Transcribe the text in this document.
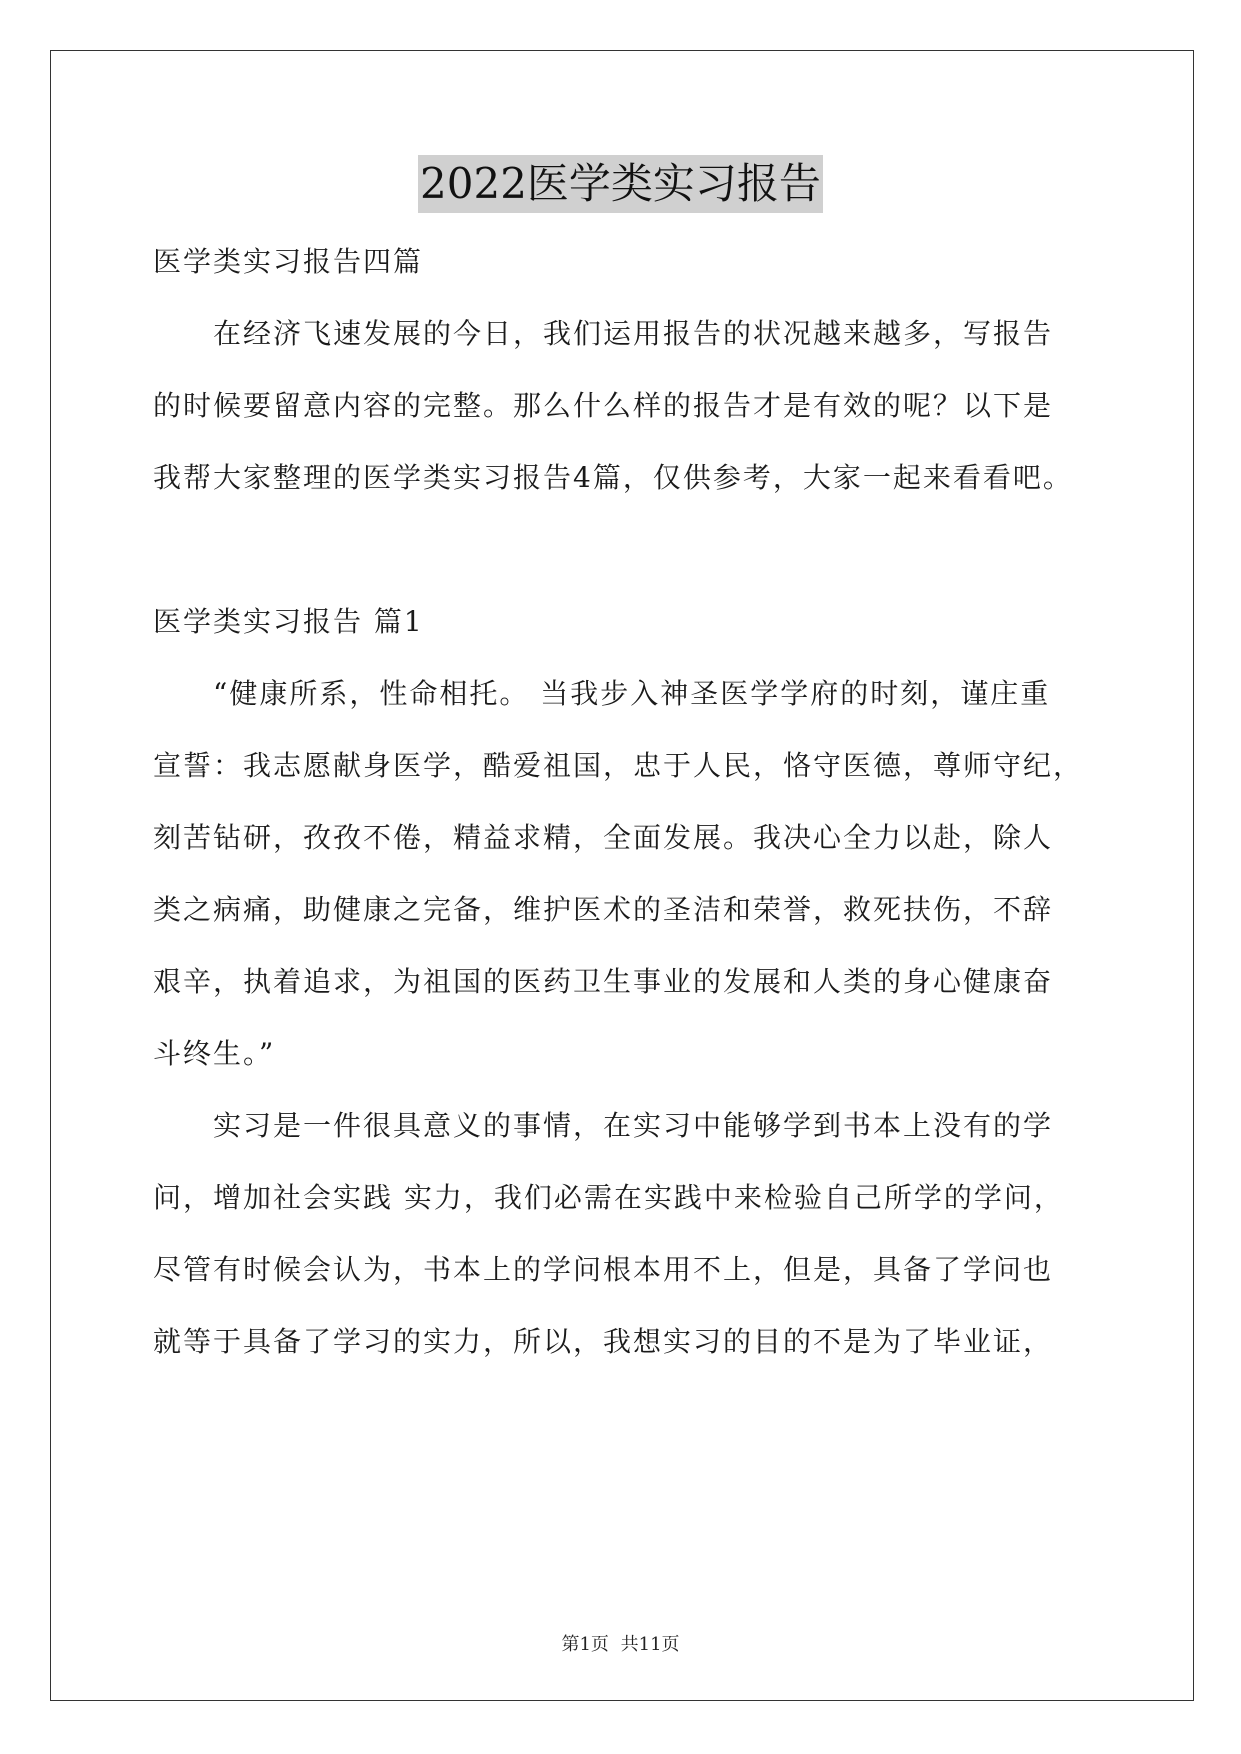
2022医学类实习报告

医学类实习报告四篇

在经济飞速发展的今日，我们运用报告的状况越来越多，写报告

的时候要留意内容的完整。那么什么样的报告才是有效的呢？以下是

我帮大家整理的医学类实习报告4篇，仅供参考，大家一起来看看吧。

医学类实习报告 篇1

“健康所系，性命相托。 当我步入神圣医学学府的时刻，谨庄重

宣誓：我志愿献身医学，酷爱祖国，忠于人民，恪守医德，尊师守纪，

刻苦钻研，孜孜不倦，精益求精，全面发展。我决心全力以赴，除人

类之病痛，助健康之完备，维护医术的圣洁和荣誉，救死扶伤，不辞

艰辛，执着追求，为祖国的医药卫生事业的发展和人类的身心健康奋

斗终生。”

实习是一件很具意义的事情，在实习中能够学到书本上没有的学

问，增加社会实践 实力，我们必需在实践中来检验自己所学的学问，

尽管有时候会认为，书本上的学问根本用不上，但是，具备了学问也

就等于具备了学习的实力，所以，我想实习的目的不是为了毕业证，

第1页 共11页
